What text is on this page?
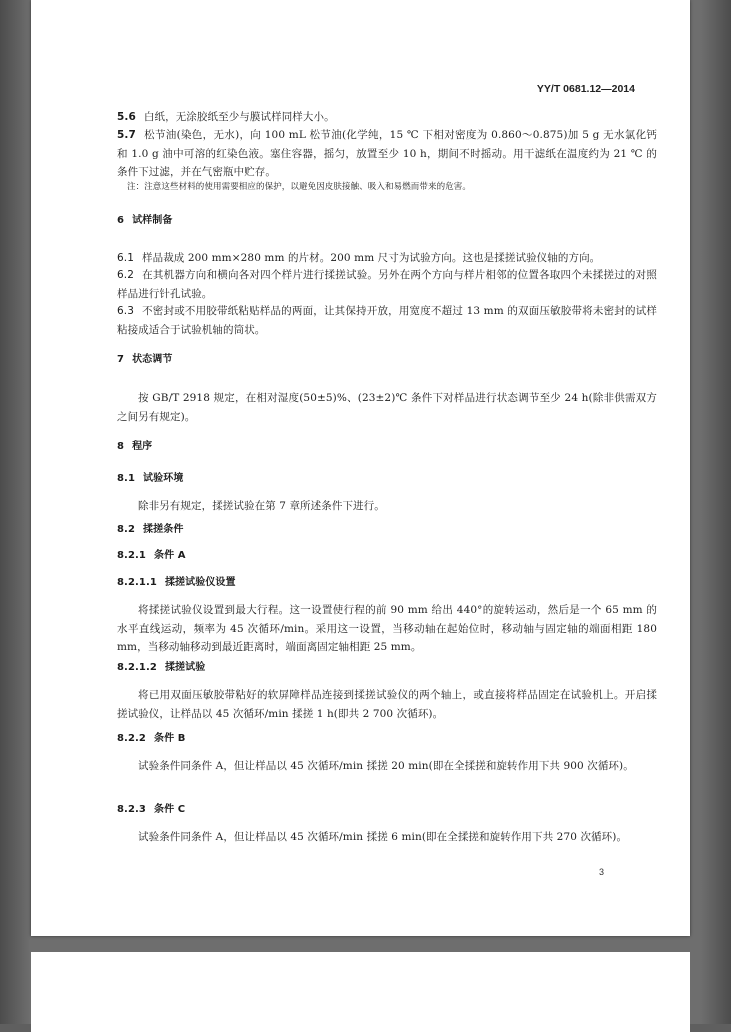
YY/T 0681.12—2014
5.6 白纸，无涂胶纸至少与膜试样同样大小。
5.7 松节油(染色，无水)，向 100 mL 松节油(化学纯，15 ℃ 下相对密度为 0.860～0.875)加 5 g 无水氯化钙和 1.0 g 油中可溶的红染色液。塞住容器，摇匀，放置至少 10 h，期间不时摇动。用干滤纸在温度约为 21 ℃ 的条件下过滤，并在气密瓶中贮存。
注：注意这些材料的使用需要相应的保护，以避免因皮肤接触、吸入和易燃而带来的危害。
6 试样制备
6.1 样品裁成 200 mm×280 mm 的片材。200 mm 尺寸为试验方向。这也是揉搓试验仪轴的方向。
6.2 在其机器方向和横向各对四个样片进行揉搓试验。另外在两个方向与样片相邻的位置各取四个未揉搓过的对照样品进行针孔试验。
6.3 不密封或不用胶带纸粘贴样品的两面，让其保持开放，用宽度不超过 13 mm 的双面压敏胶带将未密封的试样粘接成适合于试验机轴的筒状。
7 状态调节
按 GB/T 2918 规定，在相对湿度(50±5)%、(23±2)℃ 条件下对样品进行状态调节至少 24 h(除非供需双方之间另有规定)。
8 程序
8.1 试验环境
除非另有规定，揉搓试验在第 7 章所述条件下进行。
8.2 揉搓条件
8.2.1 条件 A
8.2.1.1 揉搓试验仪设置
将揉搓试验仪设置到最大行程。这一设置使行程的前 90 mm 给出 440°的旋转运动，然后是一个 65 mm 的水平直线运动，频率为 45 次循环/min。采用这一设置，当移动轴在起始位时，移动轴与固定轴的端面相距 180 mm，当移动轴移动到最近距离时，端面离固定轴相距 25 mm。
8.2.1.2 揉搓试验
将已用双面压敏胶带粘好的软屏障样品连接到揉搓试验仪的两个轴上，或直接将样品固定在试验机上。开启揉搓试验仪，让样品以 45 次循环/min 揉搓 1 h(即共 2 700 次循环)。
8.2.2 条件 B
试验条件同条件 A，但让样品以 45 次循环/min 揉搓 20 min(即在全揉搓和旋转作用下共 900 次循环)。
8.2.3 条件 C
试验条件同条件 A，但让样品以 45 次循环/min 揉搓 6 min(即在全揉搓和旋转作用下共 270 次循环)。
3
